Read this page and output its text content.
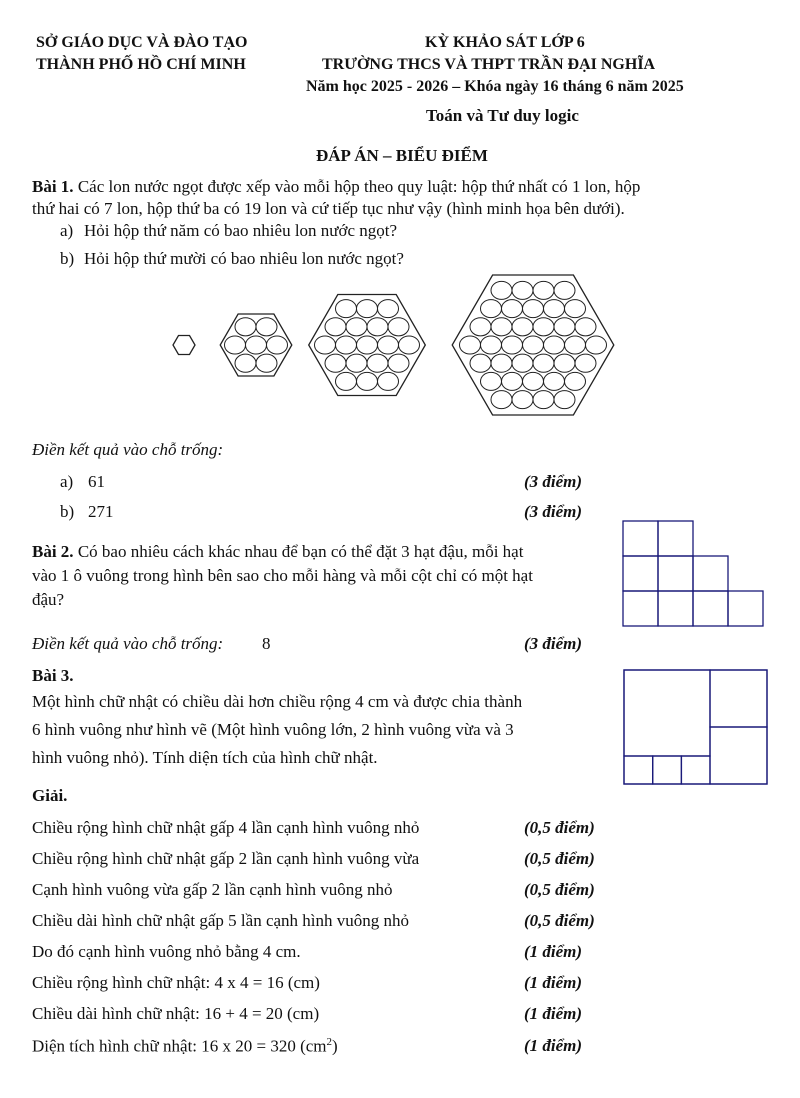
SỞ GIÁO DỤC VÀ ĐÀO TẠO
THÀNH PHỐ HỒ CHÍ MINH
KỲ KHẢO SÁT LỚP 6
TRƯỜNG THCS VÀ THPT TRẦN ĐẠI NGHĨA
Năm học 2025 - 2026 – Khóa ngày 16 tháng 6 năm 2025
Toán và Tư duy logic
ĐÁP ÁN – BIỂU ĐIỂM
Bài 1. Các lon nước ngọt được xếp vào mỗi hộp theo quy luật: hộp thứ nhất có 1 lon, hộp
thứ hai có 7 lon, hộp thứ ba có 19 lon và cứ tiếp tục như vậy (hình minh họa bên dưới).
a) Hỏi hộp thứ năm có bao nhiêu lon nước ngọt?
b) Hỏi hộp thứ mười có bao nhiêu lon nước ngọt?
Điền kết quả vào chỗ trống:
a) 61	(3 điểm)
b) 271	(3 điểm)
Bài 2. Có bao nhiêu cách khác nhau để bạn có thể đặt 3 hạt đậu, mỗi hạt
vào 1 ô vuông trong hình bên sao cho mỗi hàng và mỗi cột chỉ có một hạt
đậu?
Điền kết quả vào chỗ trống: 8	(3 điểm)
Bài 3.
Một hình chữ nhật có chiều dài hơn chiều rộng 4 cm và được chia thành
6 hình vuông như hình vẽ (Một hình vuông lớn, 2 hình vuông vừa và 3
hình vuông nhỏ). Tính diện tích của hình chữ nhật.
Giải.
Chiều rộng hình chữ nhật gấp 4 lần cạnh hình vuông nhỏ	(0,5 điểm)
Chiều rộng hình chữ nhật gấp 2 lần cạnh hình vuông vừa	(0,5 điểm)
Cạnh hình vuông vừa gấp 2 lần cạnh hình vuông nhỏ	(0,5 điểm)
Chiều dài hình chữ nhật gấp 5 lần cạnh hình vuông nhỏ	(0,5 điểm)
Do đó cạnh hình vuông nhỏ bằng 4 cm.	(1 điểm)
Chiều rộng hình chữ nhật: 4 x 4 = 16 (cm)	(1 điểm)
Chiều dài hình chữ nhật: 16 + 4 = 20 (cm)	(1 điểm)
Diện tích hình chữ nhật: 16 x 20 = 320 $(cm^2)$	(1 điểm)
